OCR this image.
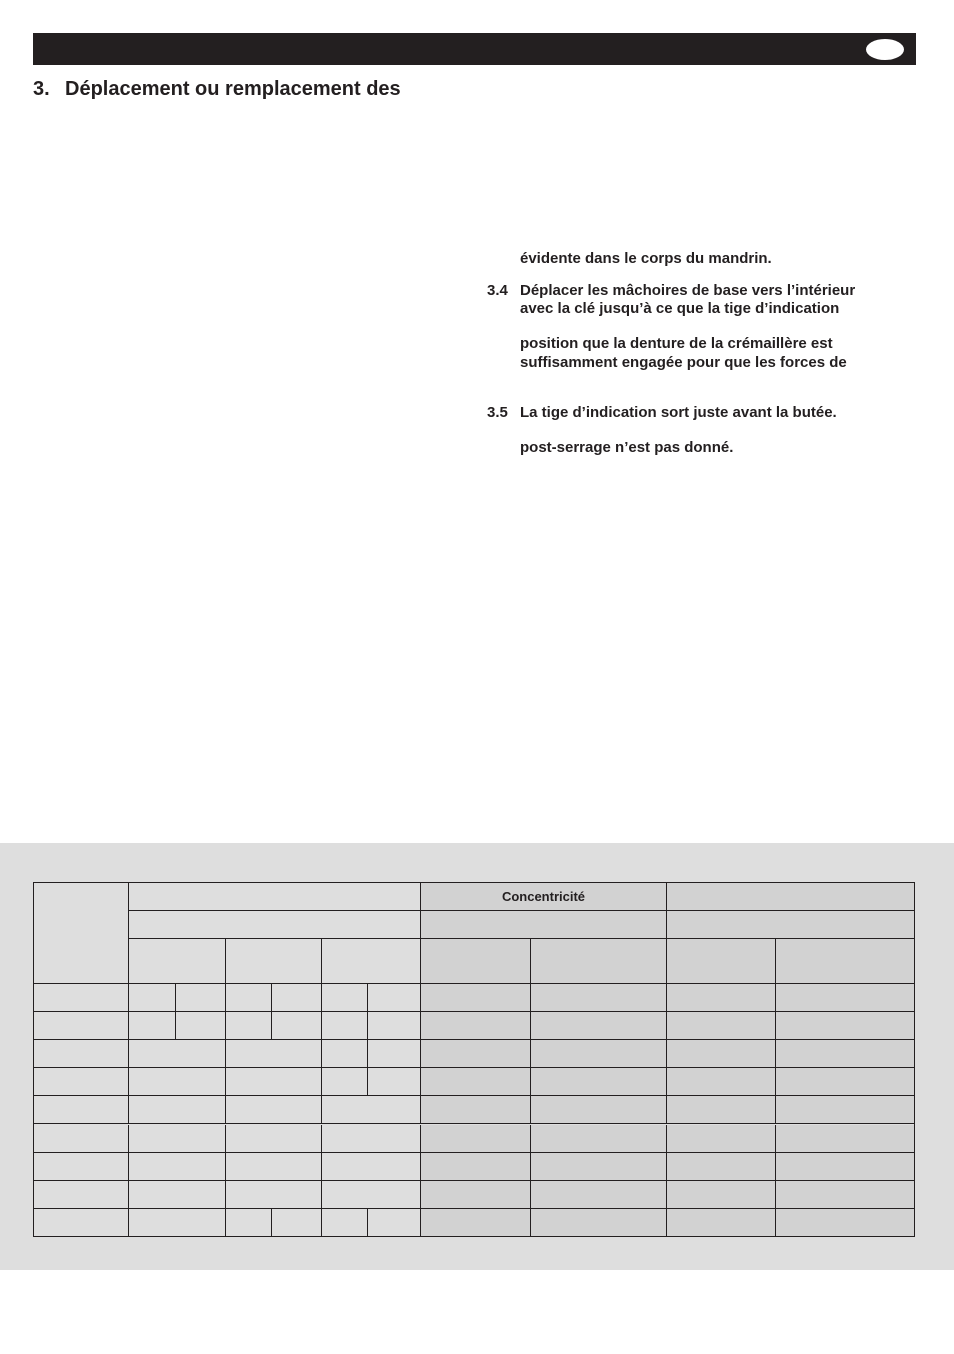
3. Déplacement ou remplacement des

évidente dans le corps du mandrin.

3.4 Déplacer les mâchoires de base vers l’intérieur

avec la clé jusqu’à ce que la tige d’indication

position que la denture de la crémaillère est

suffisamment engagée pour que les forces de

3.5 La tige d’indication sort juste avant la butée.

post-serrage n’est pas donné.

Concentricité
